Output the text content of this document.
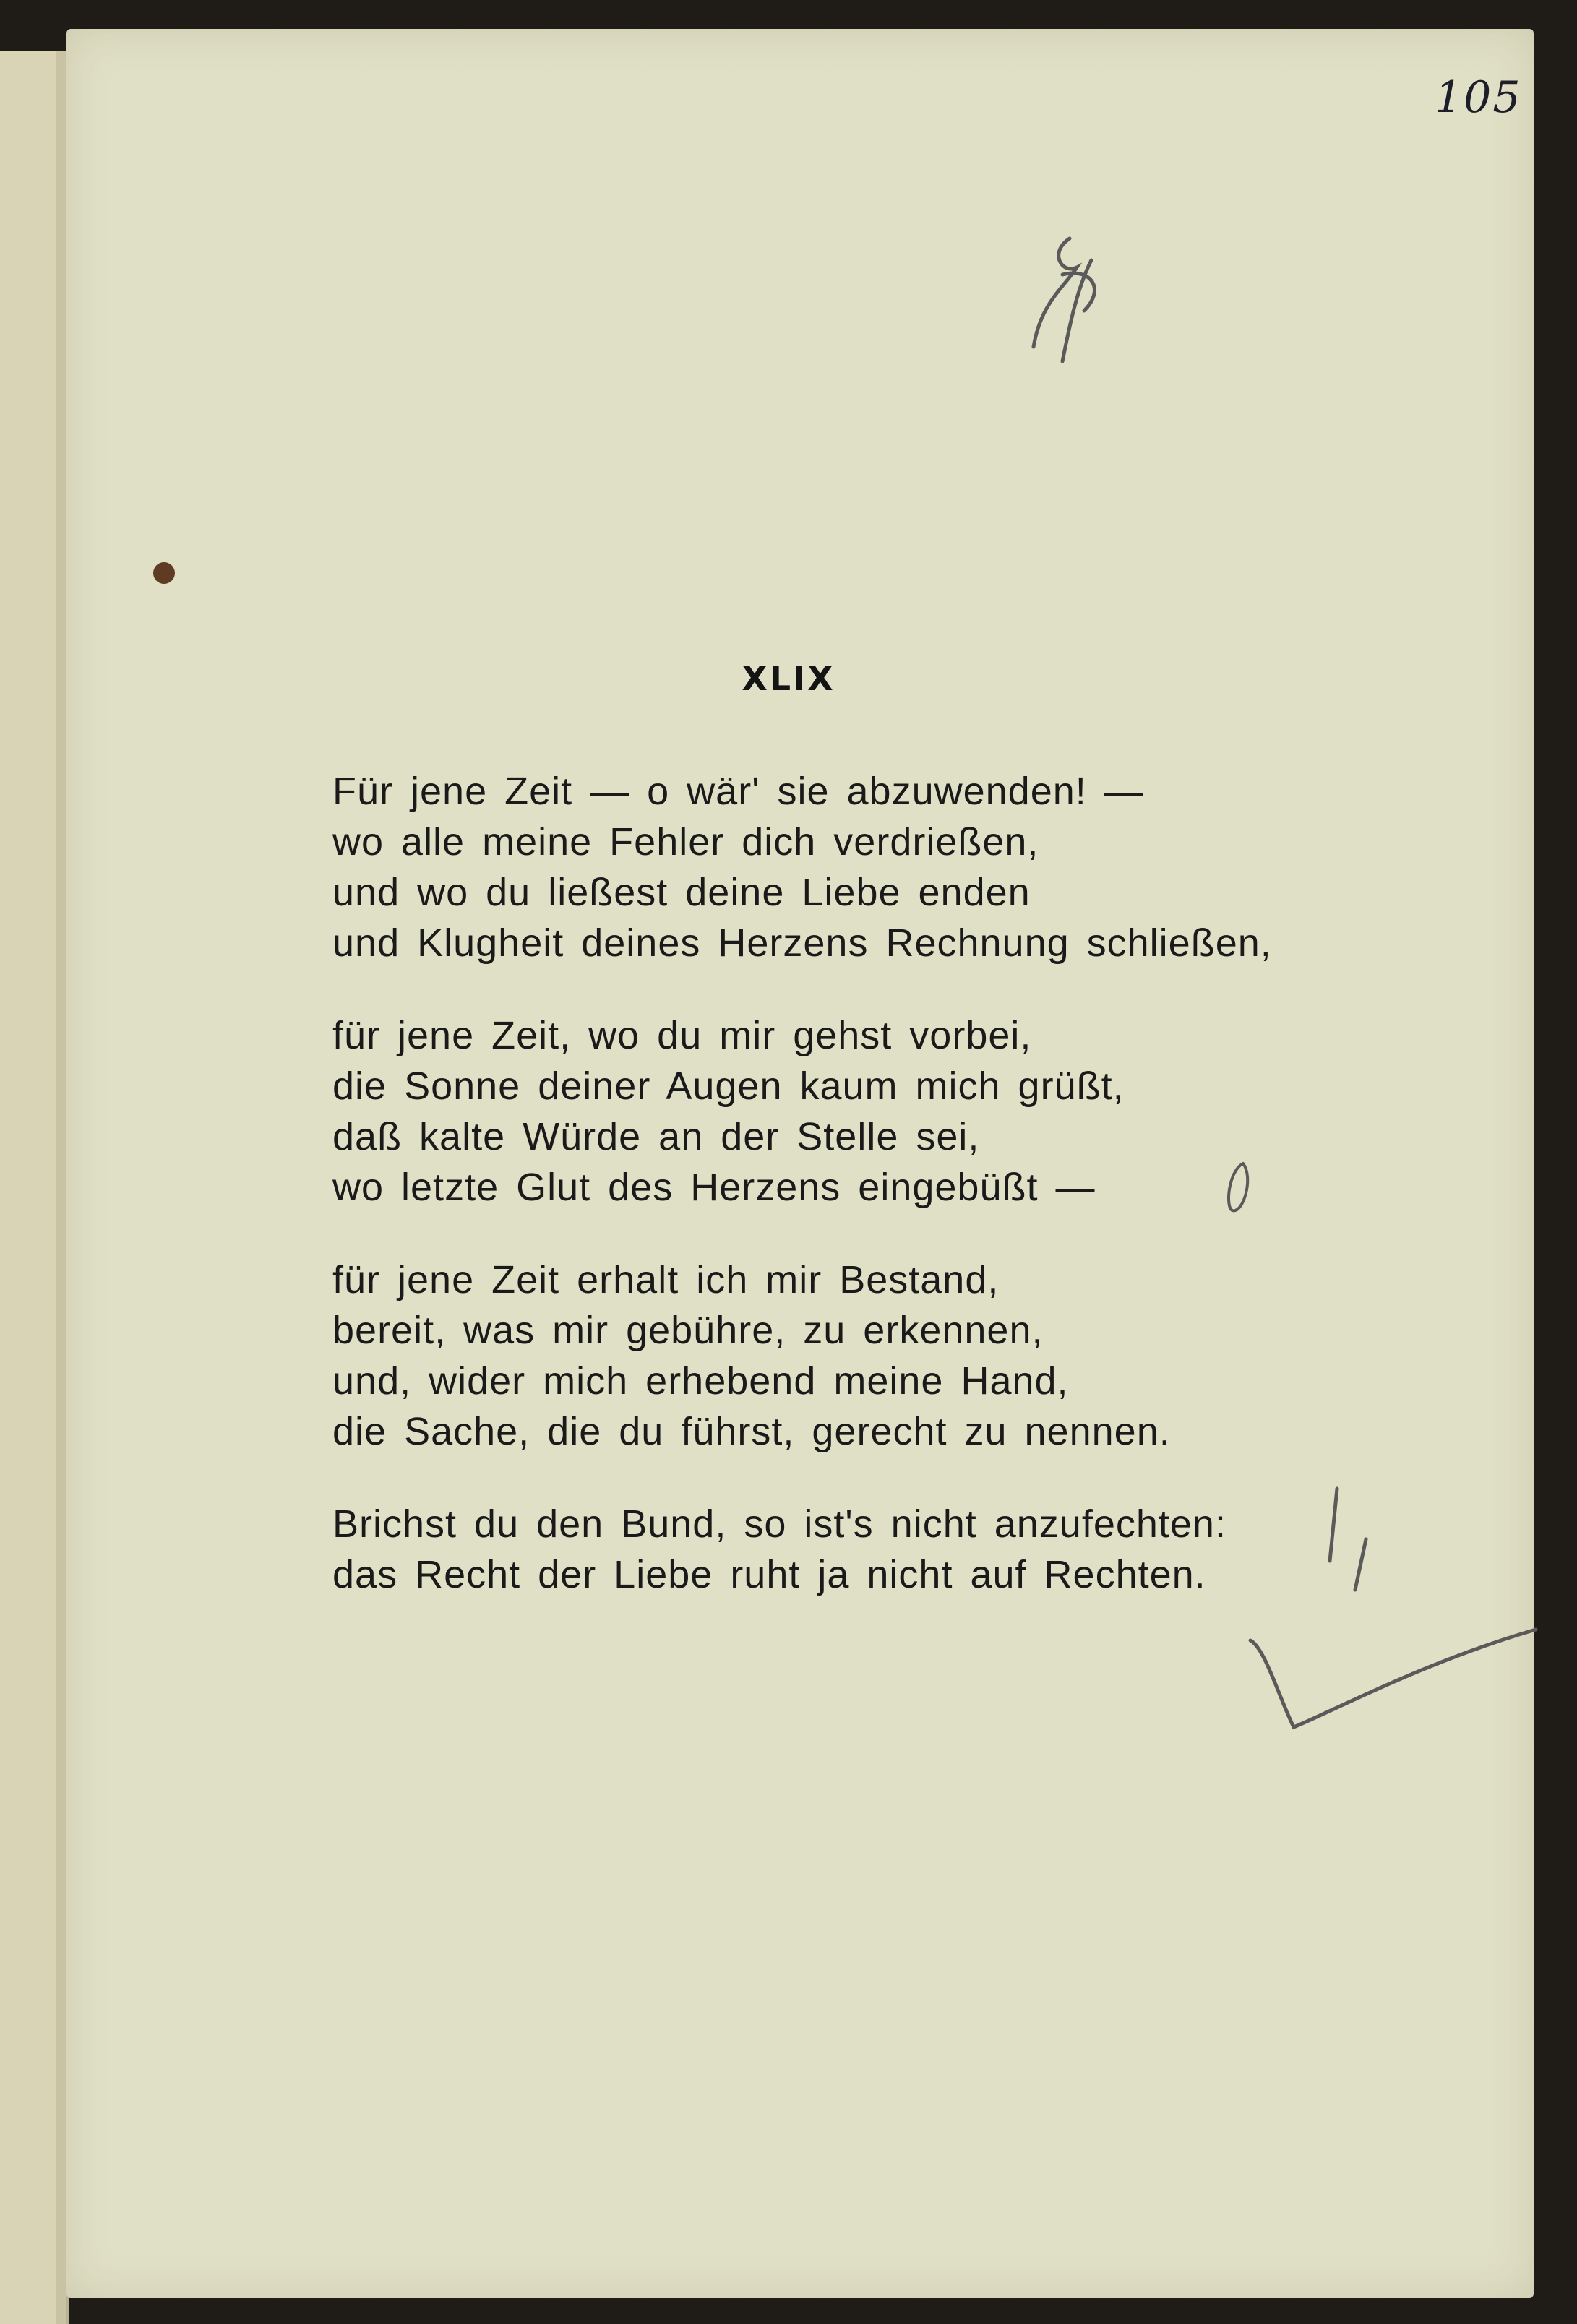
105
XLIX
Für jene Zeit — o wär' sie abzuwenden! —
wo alle meine Fehler dich verdrießen,
und wo du ließest deine Liebe enden
und Klugheit deines Herzens Rechnung schließen,
für jene Zeit, wo du mir gehst vorbei,
die Sonne deiner Augen kaum mich grüßt,
daß kalte Würde an der Stelle sei,
wo letzte Glut des Herzens eingebüßt —
für jene Zeit erhalt ich mir Bestand,
bereit, was mir gebühre, zu erkennen,
und, wider mich erhebend meine Hand,
die Sache, die du führst, gerecht zu nennen.
Brichst du den Bund, so ist's nicht anzufechten:
das Recht der Liebe ruht ja nicht auf Rechten.
